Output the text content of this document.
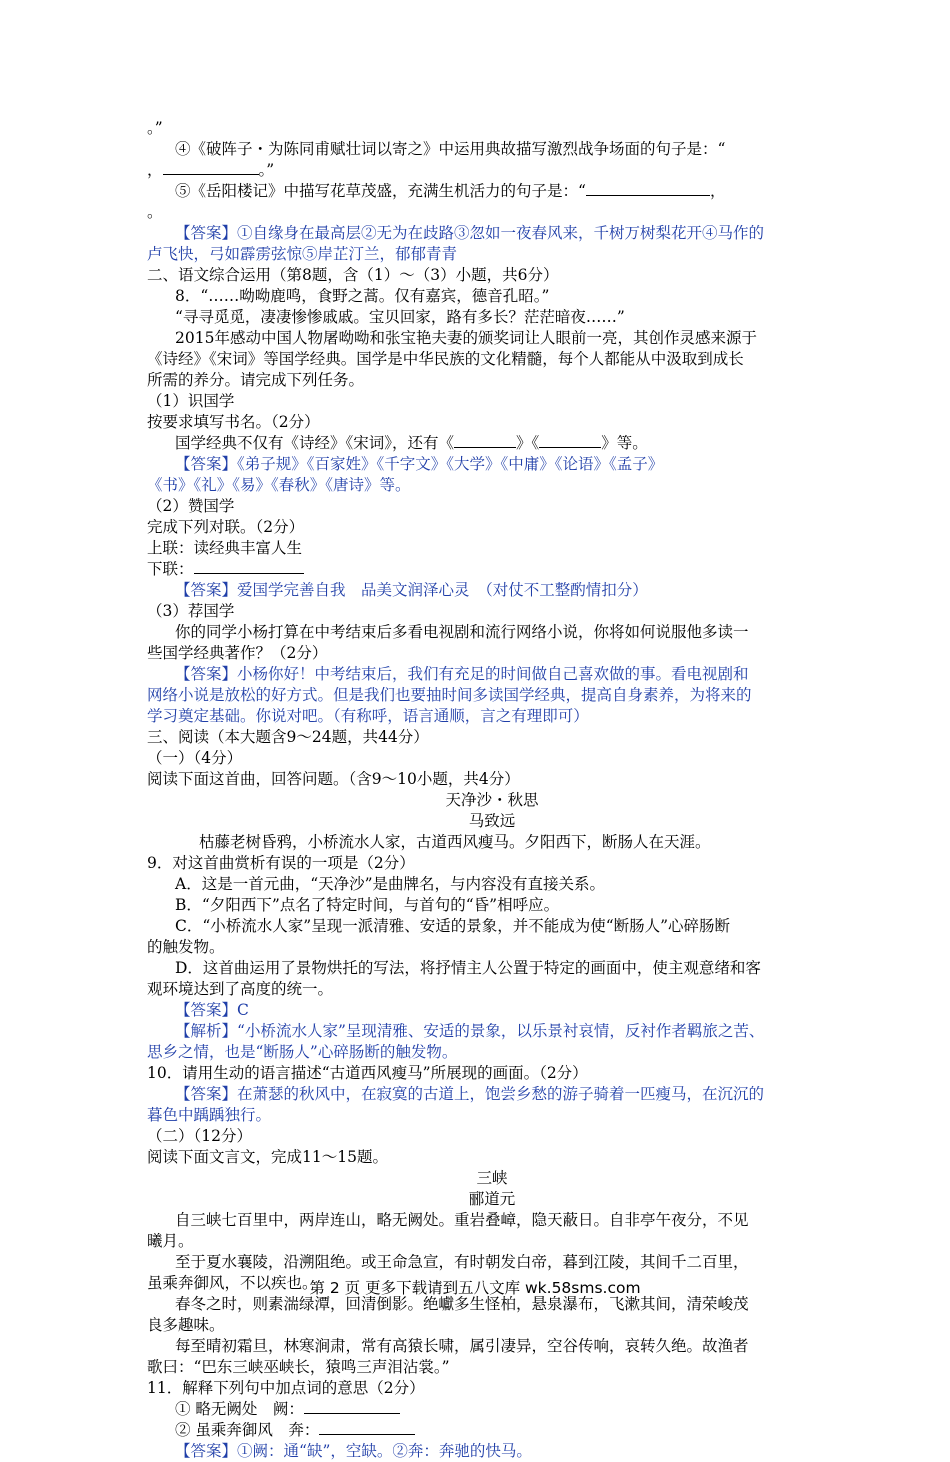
。”
④《破阵子・为陈同甫赋壮词以寄之》中运用典故描写激烈战争场面的句子是：“
，	。”
⑤《岳阳楼记》中描写花草茂盛，充满生机活力的句子是：“	，
。
【答案】①自缘身在最高层②无为在歧路③忽如一夜春风来，千树万树梨花开④马作的
卢飞快，弓如霹雳弦惊⑤岸芷汀兰，郁郁青青
二、语文综合运用（第8题，含（1）～（3）小题，共6分）
8．“……呦呦鹿鸣，食野之蒿。仅有嘉宾，德音孔昭。”
“寻寻觅觅，凄凄惨惨戚戚。宝贝回家，路有多长？茫茫暗夜……”
2015年感动中国人物屠呦呦和张宝艳夫妻的颁奖词让人眼前一亮，其创作灵感来源于
《诗经》《宋词》等国学经典。国学是中华民族的文化精髓，每个人都能从中汲取到成长
所需的养分。请完成下列任务。
（1）识国学
按要求填写书名。（2分）
国学经典不仅有《诗经》《宋词》，还有《	》《	》等。
【答案】《弟子规》《百家姓》《千字文》《大学》《中庸》《论语》《孟子》
《书》《礼》《易》《春秋》《唐诗》等。
（2）赞国学
完成下列对联。（2分）
上联：读经典丰富人生
下联：
【答案】爱国学完善自我　品美文润泽心灵　（对仗不工整酌情扣分）
（3）荐国学
你的同学小杨打算在中考结束后多看电视剧和流行网络小说，你将如何说服他多读一
些国学经典著作？（2分）
【答案】小杨你好！中考结束后，我们有充足的时间做自己喜欢做的事。看电视剧和
网络小说是放松的好方式。但是我们也要抽时间多读国学经典，提高自身素养，为将来的
学习奠定基础。你说对吧。（有称呼，语言通顺，言之有理即可）
三、阅读（本大题含9～24题，共44分）
（一）（4分）
阅读下面这首曲，回答问题。（含9～10小题，共4分）
天净沙・秋思
马致远
枯藤老树昏鸦，小桥流水人家，古道西风瘦马。夕阳西下，断肠人在天涯。
9．对这首曲赏析有误的一项是（2分）
A．这是一首元曲，“天净沙”是曲牌名，与内容没有直接关系。
B．“夕阳西下”点名了特定时间，与首句的“昏”相呼应。
C．“小桥流水人家”呈现一派清雅、安适的景象，并不能成为使“断肠人”心碎肠断
的触发物。
D．这首曲运用了景物烘托的写法，将抒情主人公置于特定的画面中，使主观意绪和客
观环境达到了高度的统一。
【答案】C
【解析】“小桥流水人家”呈现清雅、安适的景象，以乐景衬哀情，反衬作者羁旅之苦、
思乡之情，也是“断肠人”心碎肠断的触发物。
10．请用生动的语言描述“古道西风瘦马”所展现的画面。（2分）
【答案】在萧瑟的秋风中，在寂寞的古道上，饱尝乡愁的游子骑着一匹瘦马，在沉沉的
暮色中踽踽独行。
（二）（12分）
阅读下面文言文，完成11～15题。
三峡
郦道元
自三峡七百里中，两岸连山，略无阙处。重岩叠嶂，隐天蔽日。自非亭午夜分，不见
曦月。
至于夏水襄陵，沿溯阻绝。或王命急宣，有时朝发白帝，暮到江陵，其间千二百里，
虽乘奔御风，不以疾也。
春冬之时，则素湍绿潭，回清倒影。绝巘多生怪柏，悬泉瀑布，飞漱其间，清荣峻茂
良多趣味。
每至晴初霜旦，林寒涧肃，常有高猿长啸，属引凄异，空谷传响，哀转久绝。故渔者
歌曰：“巴东三峡巫峡长，猿鸣三声泪沾裳。”
11．解释下列句中加点词的意思（2分）
① 略无阙处　阙：
② 虽乘奔御风　奔：
【答案】①阙：通“缺”，空缺。②奔：奔驰的快马。
第 2 页 更多下载请到五八文库 wk.58sms.com
